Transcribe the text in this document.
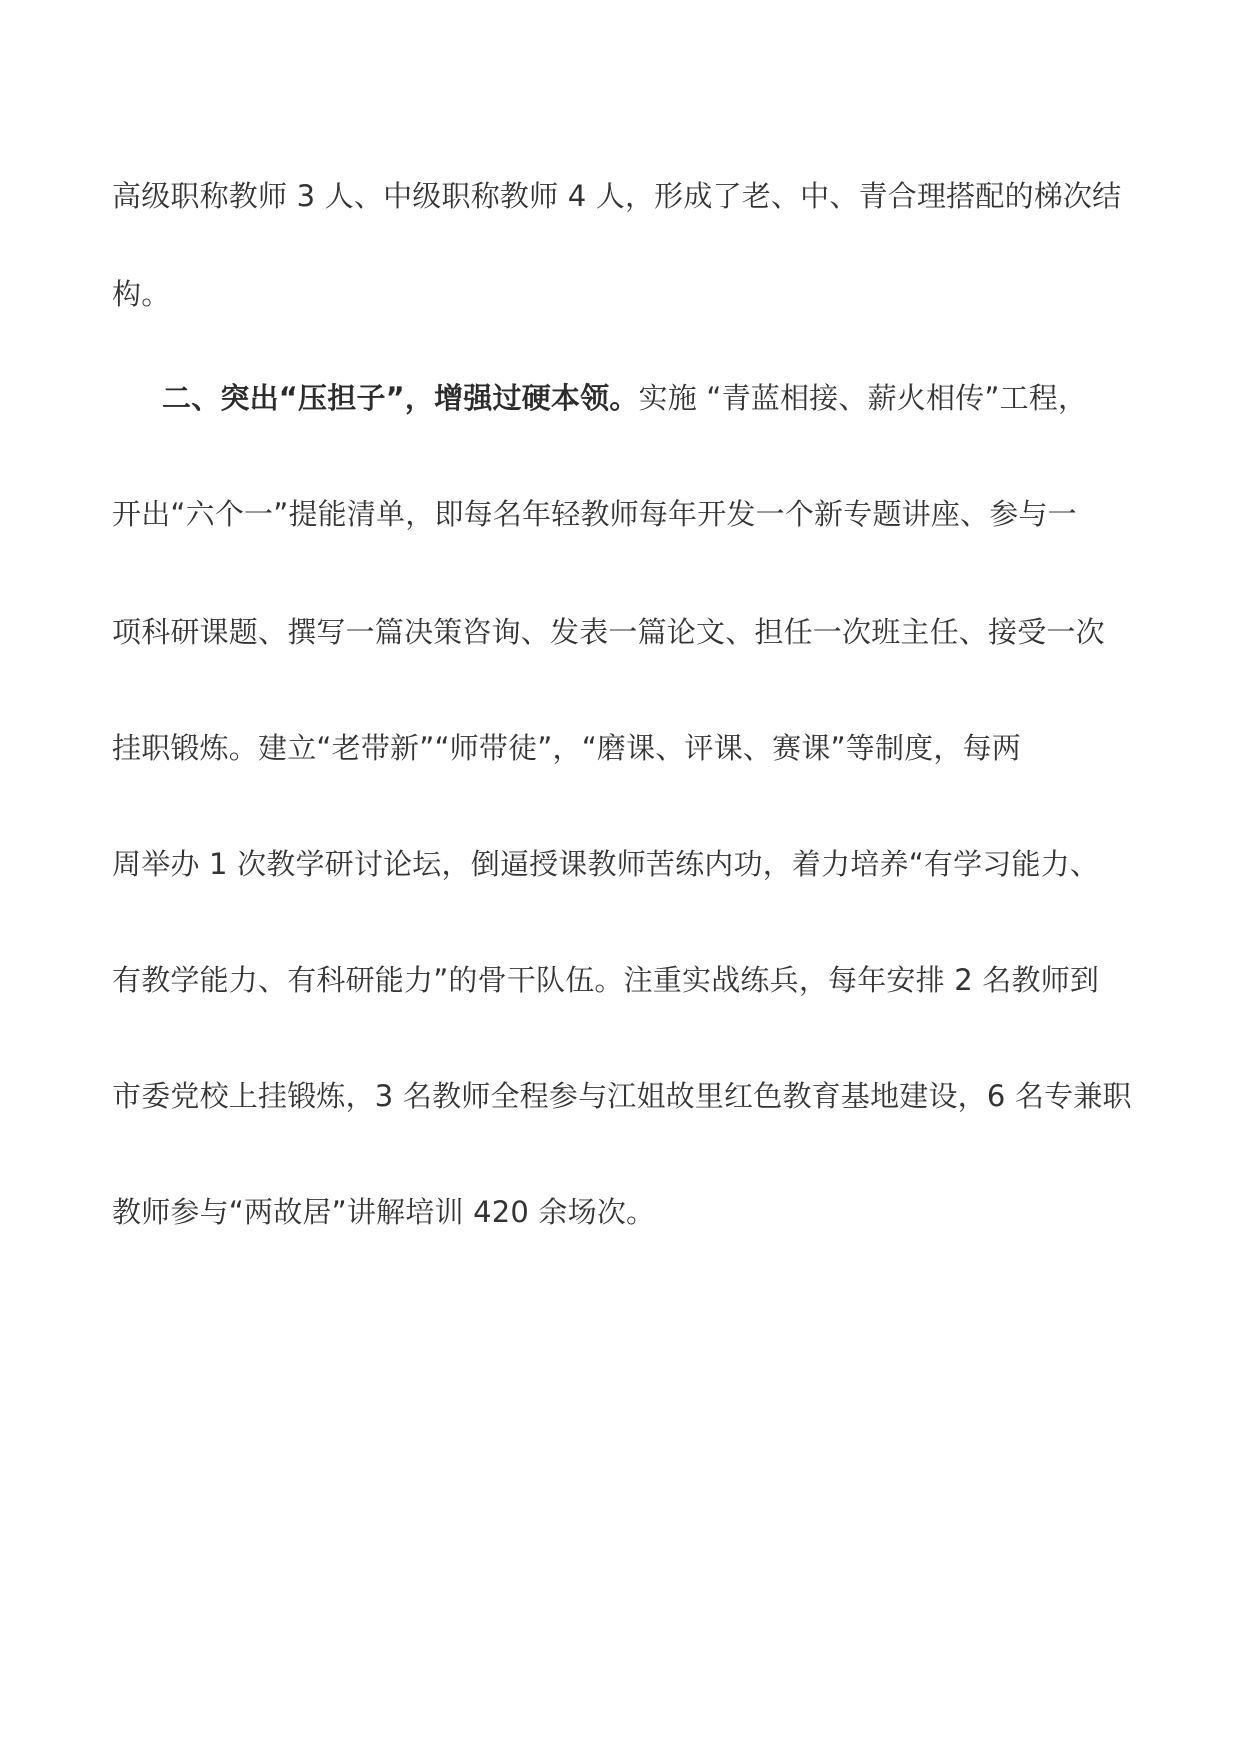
高级职称教师 3 人、中级职称教师 4 人，形成了老、中、青合理搭配的梯次结
构。
二、突出“压担子”，增强过硬本领。实施 “青蓝相接、薪火相传”工程，
开出“六个一”提能清单，即每名年轻教师每年开发一个新专题讲座、参与一
项科研课题、撰写一篇决策咨询、发表一篇论文、担任一次班主任、接受一次
挂职锻炼。建立“老带新”“师带徒”，“磨课、评课、赛课”等制度，每两
周举办 1 次教学研讨论坛，倒逼授课教师苦练内功，着力培养“有学习能力、
有教学能力、有科研能力”的骨干队伍。注重实战练兵，每年安排 2 名教师到
市委党校上挂锻炼，3 名教师全程参与江姐故里红色教育基地建设，6 名专兼职
教师参与“两故居”讲解培训 420 余场次。
